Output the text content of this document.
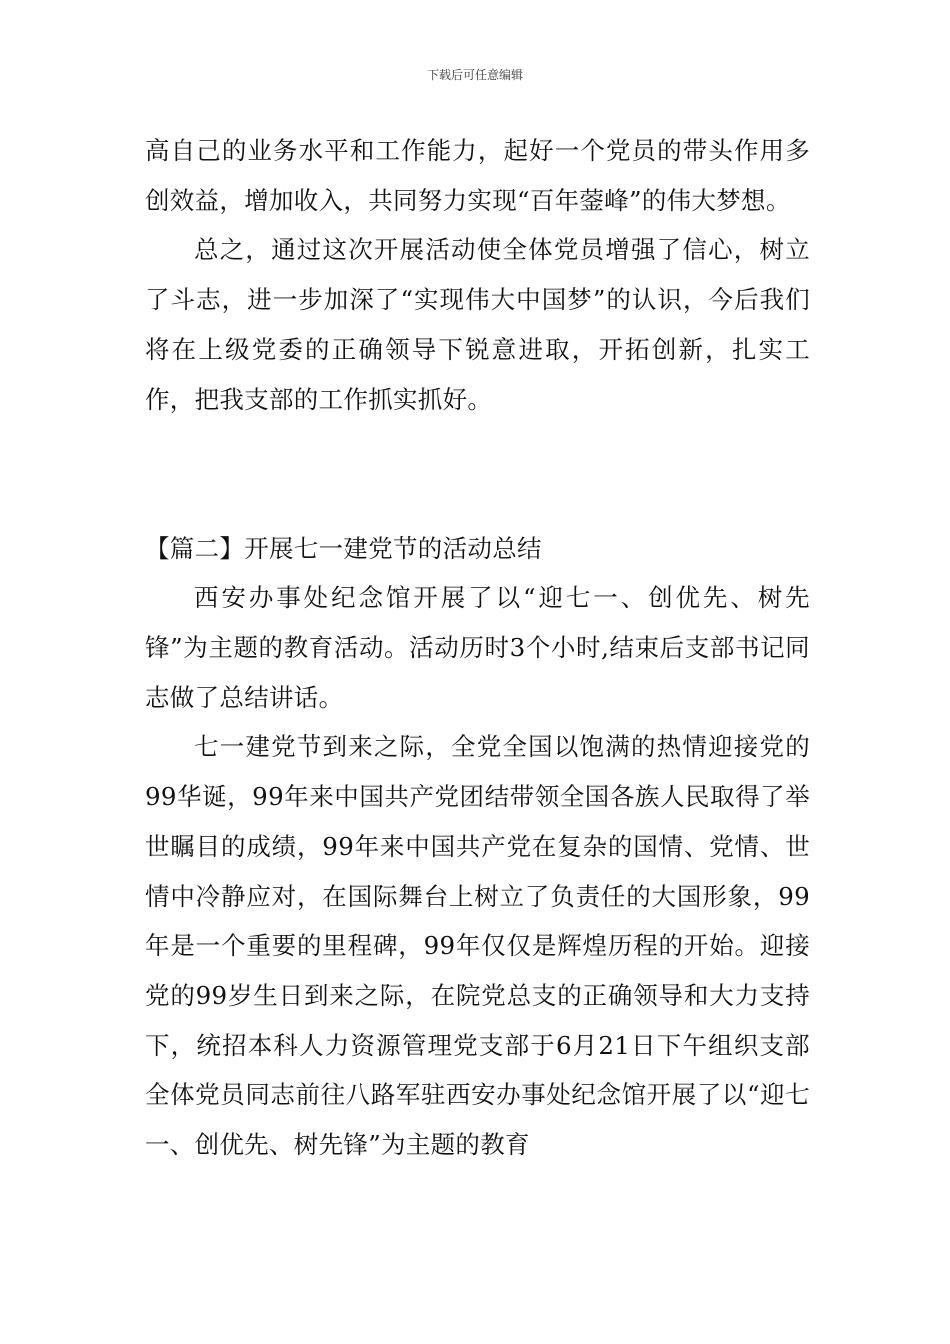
下载后可任意编辑

高自己的业务水平和工作能力，起好一个党员的带头作用多创效益，增加收入，共同努力实现“百年蓥峰”的伟大梦想。

总之，通过这次开展活动使全体党员增强了信心，树立了斗志，进一步加深了“实现伟大中国梦”的认识，今后我们将在上级党委的正确领导下锐意进取，开拓创新，扎实工作，把我支部的工作抓实抓好。

【篇二】开展七一建党节的活动总结

西安办事处纪念馆开展了以“迎七一、创优先、树先锋”为主题的教育活动。活动历时3个小时,结束后支部书记同志做了总结讲话。

七一建党节到来之际，全党全国以饱满的热情迎接党的99华诞，99年来中国共产党团结带领全国各族人民取得了举世瞩目的成绩，99年来中国共产党在复杂的国情、党情、世情中冷静应对，在国际舞台上树立了负责任的大国形象，99年是一个重要的里程碑，99年仅仅是辉煌历程的开始。迎接党的99岁生日到来之际，在院党总支的正确领导和大力支持下，统招本科人力资源管理党支部于6月21日下午组织支部全体党员同志前往八路军驻西安办事处纪念馆开展了以“迎七一、创优先、树先锋”为主题的教育
